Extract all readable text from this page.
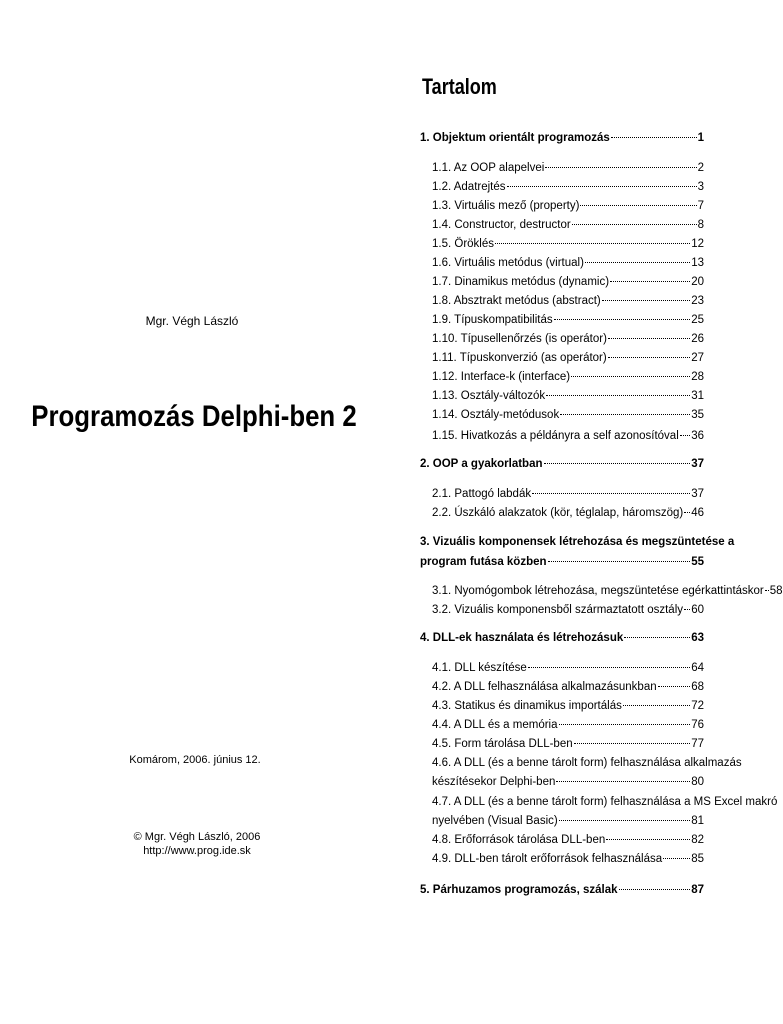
Mgr. Végh László
Programozás Delphi-ben 2
Komárom, 2006. június 12.
© Mgr. Végh László, 2006
http://www.prog.ide.sk
Tartalom
1. Objektum orientált programozás	1
1.1. Az OOP alapelvei	2
1.2. Adatrejtés	3
1.3. Virtuális mező (property)	7
1.4. Constructor, destructor	8
1.5. Öröklés	12
1.6. Virtuális metódus (virtual)	13
1.7. Dinamikus metódus (dynamic)	20
1.8. Absztrakt metódus (abstract)	23
1.9. Típuskompatibilitás	25
1.10. Típusellenőrzés (is operátor)	26
1.11. Típuskonverzió (as operátor)	27
1.12. Interface-k (interface)	28
1.13. Osztály-változók	31
1.14. Osztály-metódusok	35
1.15. Hivatkozás a példányra a self azonosítóval 36
2. OOP a gyakorlatban	37
2.1. Pattogó labdák	37
2.2. Úszkáló alakzatok (kör, téglalap, háromszög) 46
3. Vizuális komponensek létrehozása és megszüntetése a
program futása közben	55
3.1. Nyomógombok létrehozása, megszüntetése egérkattintáskor 58
3.2. Vizuális komponensből származtatott osztály 60
4. DLL-ek használata és létrehozásuk	63
4.1. DLL készítése	64
4.2. A DLL felhasználása alkalmazásunkban	68
4.3. Statikus és dinamikus importálás	72
4.4. A DLL és a memória	76
4.5. Form tárolása DLL-ben	77
4.6. A DLL (és a benne tárolt form) felhasználása alkalmazás
készítésekor Delphi-ben	80
4.7. A DLL (és a benne tárolt form) felhasználása a MS Excel makró
nyelvében (Visual Basic)	81
4.8. Erőforrások tárolása DLL-ben	82
4.9. DLL-ben tárolt erőforrások felhasználása	85
5. Párhuzamos programozás, szálak	87
